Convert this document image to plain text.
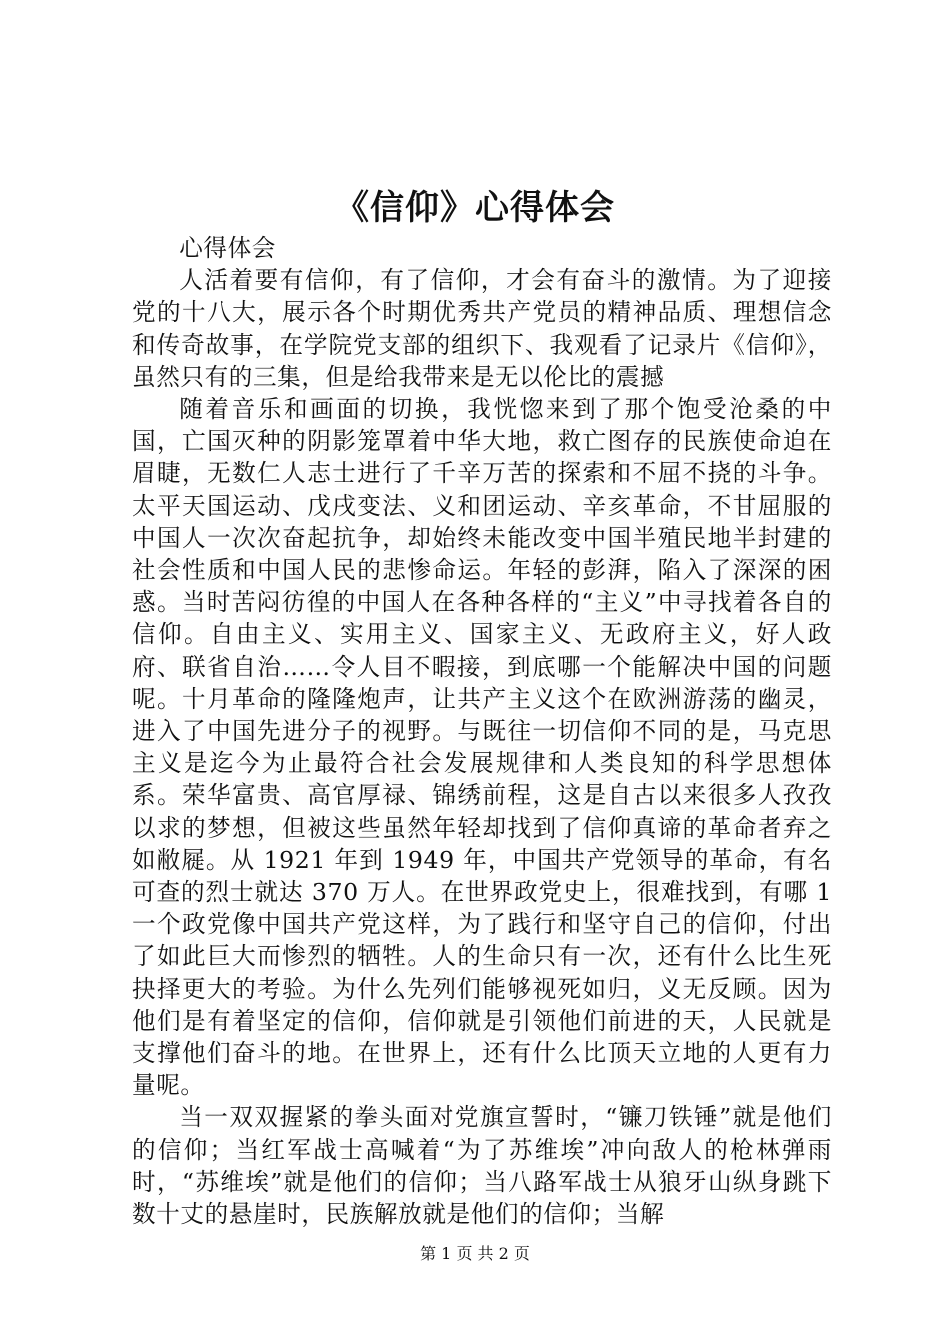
《信仰》心得体会

心得体会

人活着要有信仰，有了信仰，才会有奋斗的激情。为了迎接党的十八大，展示各个时期优秀共产党员的精神品质、理想信念和传奇故事，在学院党支部的组织下、我观看了记录片《信仰》，虽然只有的三集，但是给我带来是无以伦比的震撼

随着音乐和画面的切换，我恍惚来到了那个饱受沧桑的中国，亡国灭种的阴影笼罩着中华大地，救亡图存的民族使命迫在眉睫，无数仁人志士进行了千辛万苦的探索和不屈不挠的斗争。太平天国运动、戊戌变法、义和团运动、辛亥革命，不甘屈服的中国人一次次奋起抗争，却始终未能改变中国半殖民地半封建的社会性质和中国人民的悲惨命运。年轻的彭湃，陷入了深深的困惑。当时苦闷彷徨的中国人在各种各样的“主义”中寻找着各自的信仰。自由主义、实用主义、国家主义、无政府主义，好人政府、联省自治……令人目不暇接，到底哪一个能解决中国的问题呢。十月革命的隆隆炮声，让共产主义这个在欧洲游荡的幽灵，进入了中国先进分子的视野。与既往一切信仰不同的是，马克思主义是迄今为止最符合社会发展规律和人类良知的科学思想体系。荣华富贵、高官厚禄、锦绣前程，这是自古以来很多人孜孜以求的梦想，但被这些虽然年轻却找到了信仰真谛的革命者弃之如敝屣。从 1921 年到 1949 年，中国共产党领导的革命，有名可查的烈士就达 370 万人。在世界政党史上，很难找到，有哪 1 一个政党像中国共产党这样，为了践行和坚守自己的信仰，付出了如此巨大而惨烈的牺牲。人的生命只有一次，还有什么比生死抉择更大的考验。为什么先列们能够视死如归，义无反顾。因为他们是有着坚定的信仰，信仰就是引领他们前进的天，人民就是支撑他们奋斗的地。在世界上，还有什么比顶天立地的人更有力量呢。

当一双双握紧的拳头面对党旗宣誓时，“镰刀铁锤”就是他们的信仰；当红军战士高喊着“为了苏维埃”冲向敌人的枪林弹雨时，“苏维埃”就是他们的信仰；当八路军战士从狼牙山纵身跳下数十丈的悬崖时，民族解放就是他们的信仰；当解

第 1 页 共 2 页
